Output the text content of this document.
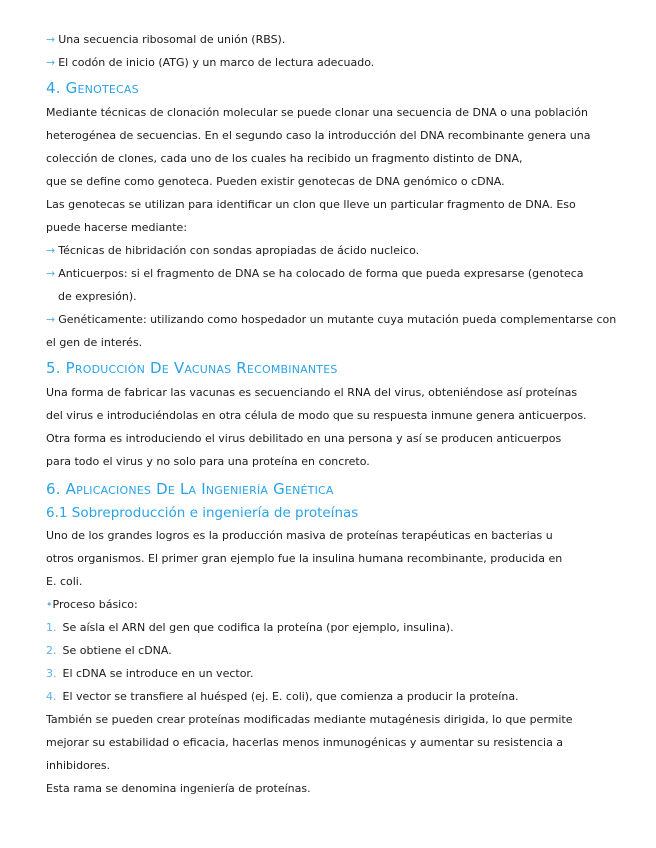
→ Una secuencia ribosomal de unión (RBS).
→ El codón de inicio (ATG) y un marco de lectura adecuado.
4. Genotecas
Mediante técnicas de clonación molecular se puede clonar una secuencia de DNA o una población
heterogénea de secuencias. En el segundo caso la introducción del DNA recombinante genera una
colección de clones, cada uno de los cuales ha recibido un fragmento distinto de DNA,
que se define como genoteca. Pueden existir genotecas de DNA genómico o cDNA.
Las genotecas se utilizan para identificar un clon que lleve un particular fragmento de DNA. Eso
puede hacerse mediante:
→ Técnicas de hibridación con sondas apropiadas de ácido nucleico.
→ Anticuerpos: si el fragmento de DNA se ha colocado de forma que pueda expresarse (genoteca
de expresión).
→ Genéticamente: utilizando como hospedador un mutante cuya mutación pueda complementarse con
el gen de interés.
5. Producción De Vacunas Recombinantes
Una forma de fabricar las vacunas es secuenciando el RNA del virus, obteniéndose así proteínas
del virus e introduciéndolas en otra célula de modo que su respuesta inmune genera anticuerpos.
Otra forma es introduciendo el virus debilitado en una persona y así se producen anticuerpos
para todo el virus y no solo para una proteína en concreto.
6. Aplicaciones De La Ingeniería Genética
6.1 Sobreproducción e ingeniería de proteínas
Uno de los grandes logros es la producción masiva de proteínas terapéuticas en bacterias u
otros organismos. El primer gran ejemplo fue la insulina humana recombinante, producida en
E. coli.
•Proceso básico:
1. Se aísla el ARN del gen que codifica la proteína (por ejemplo, insulina).
2. Se obtiene el cDNA.
3. El cDNA se introduce en un vector.
4. El vector se transfiere al huésped (ej. E. coli), que comienza a producir la proteína.
También se pueden crear proteínas modificadas mediante mutagénesis dirigida, lo que permite
mejorar su estabilidad o eficacia, hacerlas menos inmunogénicas y aumentar su resistencia a
inhibidores.
Esta rama se denomina ingeniería de proteínas.
